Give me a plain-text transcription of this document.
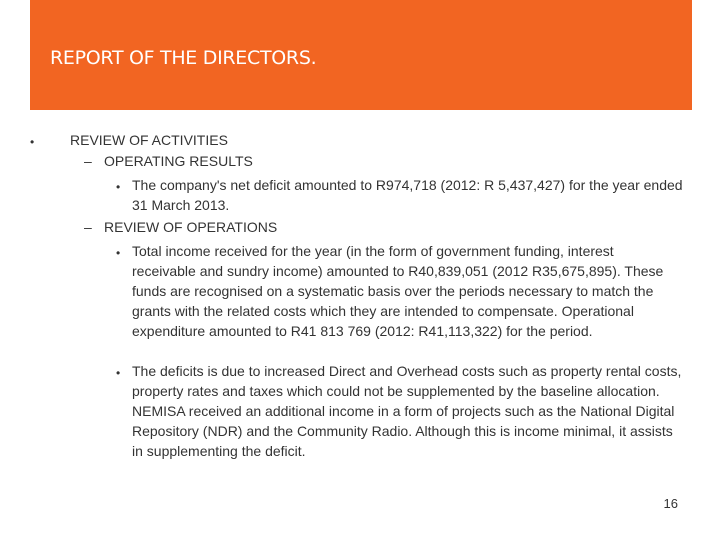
REPORT OF THE DIRECTORS.
•	REVIEW OF ACTIVITIES
– OPERATING RESULTS
• The company's net deficit amounted to R974,718 (2012: R 5,437,427) for the year ended 31 March 2013.
– REVIEW OF OPERATIONS
• Total income received for the year (in the form of government funding, interest receivable and sundry income) amounted to R40,839,051 (2012 R35,675,895). These funds are recognised on a systematic basis over the periods necessary to match the grants with the related costs which they are intended to compensate. Operational expenditure amounted to R41 813 769 (2012: R41,113,322) for the period.
• The deficits is due to increased Direct and Overhead costs such as property rental costs, property rates and taxes which could not be supplemented by the baseline allocation. NEMISA received an additional income in a form of projects such as the National Digital Repository (NDR) and the Community Radio. Although this is income minimal, it assists in supplementing the deficit.
16
